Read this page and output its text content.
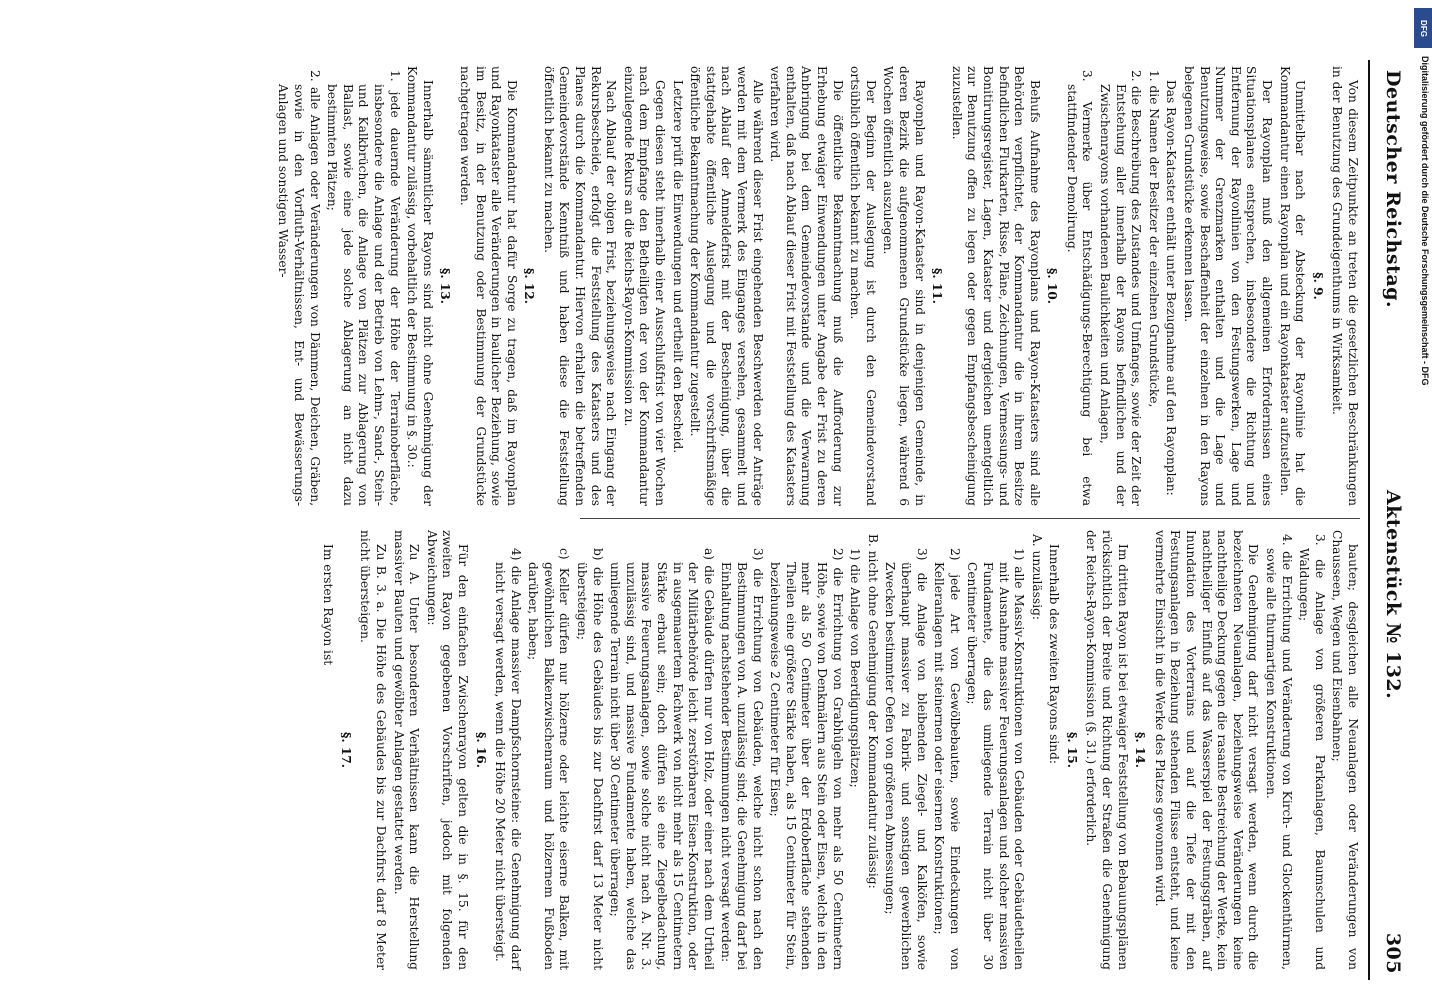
Deutscher Reichstag.
Aktenstück № 132.
305

Von diesem Zeitpunkte an treten die gesetzlichen Beschränkungen in der Benutzung des Grundeigenthums in Wirksamkeit.

§. 9.

Unmittelbar nach der Absteckung der Rayonlinie hat die Kommandantur einen Rayonplan und ein Rayonkataster aufzustellen.

Der Rayonplan muß den allgemeinen Erfordernissen eines Situationsplanes entsprechen, insbesondere die Richtung und Entfernung der Rayonlinien von den Festungswerken, Lage und Nummer der Grenzmarken enthalten und die Lage und Benutzungsweise, sowie Beschaffenheit der einzelnen in den Rayons belegenen Grundstücke erkennen lassen.

Das Rayon-Kataster enthält unter Bezugnahme auf den Rayonplan:

1. die Namen der Besitzer der einzelnen Grundstücke,

2. die Beschreibung des Zustandes und Umfanges, sowie der Zeit der Entstehung aller innerhalb der Rayons befindlichen und der Zwischenrayons vorhandenen Baulichkeiten und Anlagen,

3. Vermerke über Entschädigungs-Berechtigung bei etwa stattfindender Demolirung.

§. 10.

Behufs Aufnahme des Rayonplans und Rayon-Katasters sind alle Behörden verpflichtet, der Kommandantur die in ihrem Besitze befindlichen Flurkarten, Risse, Pläne, Zeichnungen, Vermessungs- und Bonitirungsregister, Lagen, Kataster und dergleichen unentgeltlich zur Benutzung offen zu legen oder gegen Empfangsbescheinigung zuzustellen.

§. 11.

Rayonplan und Rayon-Kataster sind in denjenigen Gemeinde, in deren Bezirk die aufgenommenen Grundstücke liegen, während 6 Wochen öffentlich auszulegen.

Der Beginn der Auslegung ist durch den Gemeindevorstand ortsüblich öffentlich bekannt zu machen.

Die öffentliche Bekanntmachung muß die Aufforderung zur Erhebung etwaiger Einwendungen unter Angabe der Frist zu deren Anbringung bei dem Gemeindevorstande und die Verwarnung enthalten, daß nach Ablauf dieser Frist mit Feststellung des Katasters verfahren wird.

Alle während dieser Frist eingehenden Beschwerden oder Anträge werden mit dem Vermerk des Einganges versehen, gesammelt und nach Ablauf der Anmeldefrist mit der Bescheinigung, über die stattgehabte öffentliche Auslegung und die vorschriftsmäßige öffentliche Bekanntmachung der Kommandantur zugestellt.

Letztere prüft die Einwendungen und ertheilt den Bescheid.

Gegen diesen steht innerhalb einer Ausschlußfrist von vier Wochen nach dem Empfange den Betheiligten der von der Kommandantur einzulegende Rekurs an die Reichs-Rayon-Kommission zu.

Nach Ablauf der obigen Frist, beziehungsweise nach Eingang der Rekursbescheide, erfolgt die Feststellung des Katasters und des Planes durch die Kommandantur. Hiervon erhalten die betreffenden Gemeindevorstände Kenntniß und haben diese die Feststellung öffentlich bekannt zu machen.

§. 12.

Die Kommandantur hat dafür Sorge zu tragen, daß im Rayonplan und Rayonkataster alle Veränderungen in baulicher Beziehung, sowie im Besitz, in der Benutzung oder Bestimmung der Grundstücke nachgetragen werden.

§. 13.

Innerhalb sämmtlicher Rayons sind nicht ohne Genehmigung der Kommandantur zulässig, vorbehaltlich der Bestimmung in §. 30.:

1. jede dauernde Veränderung der Höhe der Terrainoberfläche, insbesondere die Anlage und der Betrieb von Lehm-, Sand-, Stein- und Kalkbrüchen, die Anlage von Plätzen zur Ablagerung von Ballast, sowie eine jede solche Ablagerung an nicht dazu bestimmten Plätzen;

2. alle Anlagen oder Veränderungen von Dämmen, Deichen, Gräben, sowie in den Vorfluth-Verhältnissen, Ent- und Bewässerungs-Anlagen und sonstigen Wasser-

bauten; desgleichen alle Neuanlagen oder Veränderungen von Chausseen, Wegen und Eisenbahnen;

3. die Anlage von größeren Parkanlagen, Baumschulen und Waldungen;

4. die Errichtung und Veränderung von Kirch- und Glockenthürmen, sowie alle thurmartigen Konstruktionen.

Die Genehmigung darf nicht versagt werden, wenn durch die bezeichneten Neuanlagen, beziehungsweise Veränderungen keine nachtheilige Deckung gegen die rasante Bestreichung der Werke, kein nachtheiliger Einfluß auf das Wasserspiel der Festungsgräben, auf Inundation des Vorterrains und auf die Tiefe der mit den Festungsanlagen in Beziehung stehenden Flüsse entsteht, und keine vermehrte Einsicht in die Werke des Platzes gewonnen wird.

§. 14.

Im dritten Rayon ist bei etwaiger Feststellung von Bebauungsplänen rücksichtlich der Breite und Richtung der Straßen die Genehmigung der Reichs-Rayon-Kommission (§. 31.) erforderlich.

§. 15.

Innerhalb des zweiten Rayons sind:

A. unzulässig:

1) alle Massiv-Konstruktionen von Gebäuden oder Gebäudetheilen mit Ausnahme massiver Feuerungsanlagen und solcher massiven Fundamente, die das umliegende Terrain nicht über 30 Centimeter überragen;

2) jede Art von Gewölbebauten, sowie Eindeckungen von Kelleranlagen mit steinernen oder eisernen Konstruktionen;

3) die Anlage von bleibenden Ziegel- und Kalköfen, sowie überhaupt massiver zu Fabrik- und sonstigen gewerblichen Zwecken bestimmter Oefen von größeren Abmessungen;

B. nicht ohne Genehmigung der Kommandantur zulässig:

1) die Anlage von Beerdigungsplätzen;

2) die Errichtung von Grabhügeln von mehr als 50 Centimetern Höhe, sowie von Denkmälern aus Stein oder Eisen, welche in den mehr als 50 Centimeter über der Erdoberfläche stehenden Theilen eine größere Stärke haben, als 15 Centimeter für Stein, beziehungsweise 2 Centimeter für Eisen;

3) die Errichtung von Gebäuden, welche nicht schon nach den Bestimmungen von A. unzulässig sind; die Genehmigung darf bei Einhaltung nachstehender Bestimmungen nicht versagt werden:

a) die Gebäude dürfen nur von Holz, oder einer nach dem Urtheil der Militärbehörde leicht zerstörbaren Eisen-Konstruktion, oder in ausgemauertem Fachwerk von nicht mehr als 15 Centimetern Stärke erbaut sein; doch dürfen sie eine Ziegelbedachung, massive Feuerungsanlagen, sowie solche nicht nach A. Nr. 3. unzulässig sind, und massive Fundamente haben, welche das umliegende Terrain nicht über 30 Centimeter überragen;

b) die Höhe des Gebäudes bis zur Dachfirst darf 13 Meter nicht übersteigen;

c) Keller dürfen nur hölzerne oder leichte eiserne Balken, mit gewöhnlichen Balkenzwischenraum und hölzernem Fußboden darüber, haben;

4) die Anlage massiver Dampfschornsteine: die Genehmigung darf nicht versagt werden, wenn die Höhe 20 Meter nicht übersteigt.

§. 16.

Für den einfachen Zwischenrayon gelten die in §. 15. für den zweiten Rayon gegebenen Vorschriften, jedoch mit folgenden Abweichungen:

Zu A. Unter besonderen Verhältnissen kann die Herstellung massiver Bauten und gewölbter Anlagen gestattet werden.

Zu B. 3. a. Die Höhe des Gebäudes bis zur Dachfirst darf 8 Meter nicht übersteigen.

§. 17.

Im ersten Rayon ist

DFG
Digitalisierung gefördert durch die Deutsche Forschungsgemeinschaft - DFG
